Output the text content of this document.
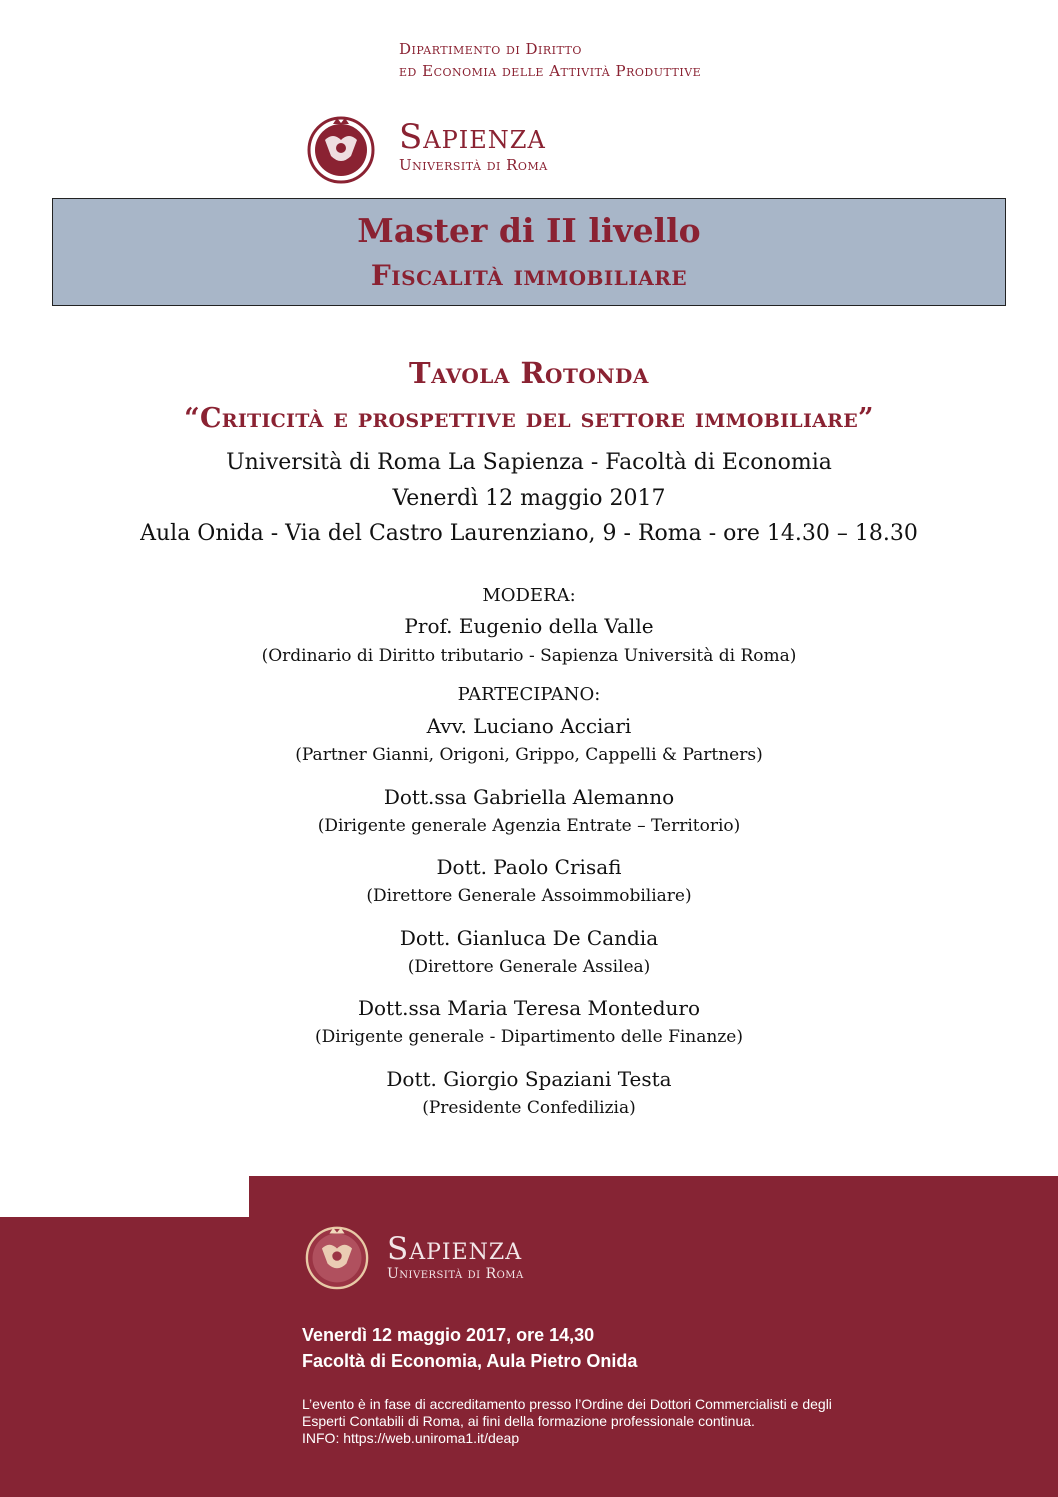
Dipartimento di Diritto
ed Economia delle Attività Produttive
Sapienza
Università di Roma
Master di II livello
Fiscalità immobiliare
Tavola Rotonda
“Criticità e prospettive del settore immobiliare”
Università di Roma La Sapienza - Facoltà di Economia
Venerdì 12 maggio 2017
Aula Onida - Via del Castro Laurenziano, 9 - Roma - ore 14.30 – 18.30
MODERA:
Prof. Eugenio della Valle
(Ordinario di Diritto tributario - Sapienza Università di Roma)
PARTECIPANO:
Avv. Luciano Acciari
(Partner Gianni, Origoni, Grippo, Cappelli & Partners)
Dott.ssa Gabriella Alemanno
(Dirigente generale Agenzia Entrate – Territorio)
Dott. Paolo Crisafi
(Direttore Generale Assoimmobiliare)
Dott. Gianluca De Candia
(Direttore Generale Assilea)
Dott.ssa Maria Teresa Monteduro
(Dirigente generale - Dipartimento delle Finanze)
Dott. Giorgio Spaziani Testa
(Presidente Confedilizia)
Sapienza
Università di Roma
Venerdì 12 maggio 2017, ore 14,30
Facoltà di Economia, Aula Pietro Onida
L’evento è in fase di accreditamento presso l’Ordine dei Dottori Commercialisti e degli
Esperti Contabili di Roma, ai fini della formazione professionale continua.
INFO: https://web.uniroma1.it/deap
